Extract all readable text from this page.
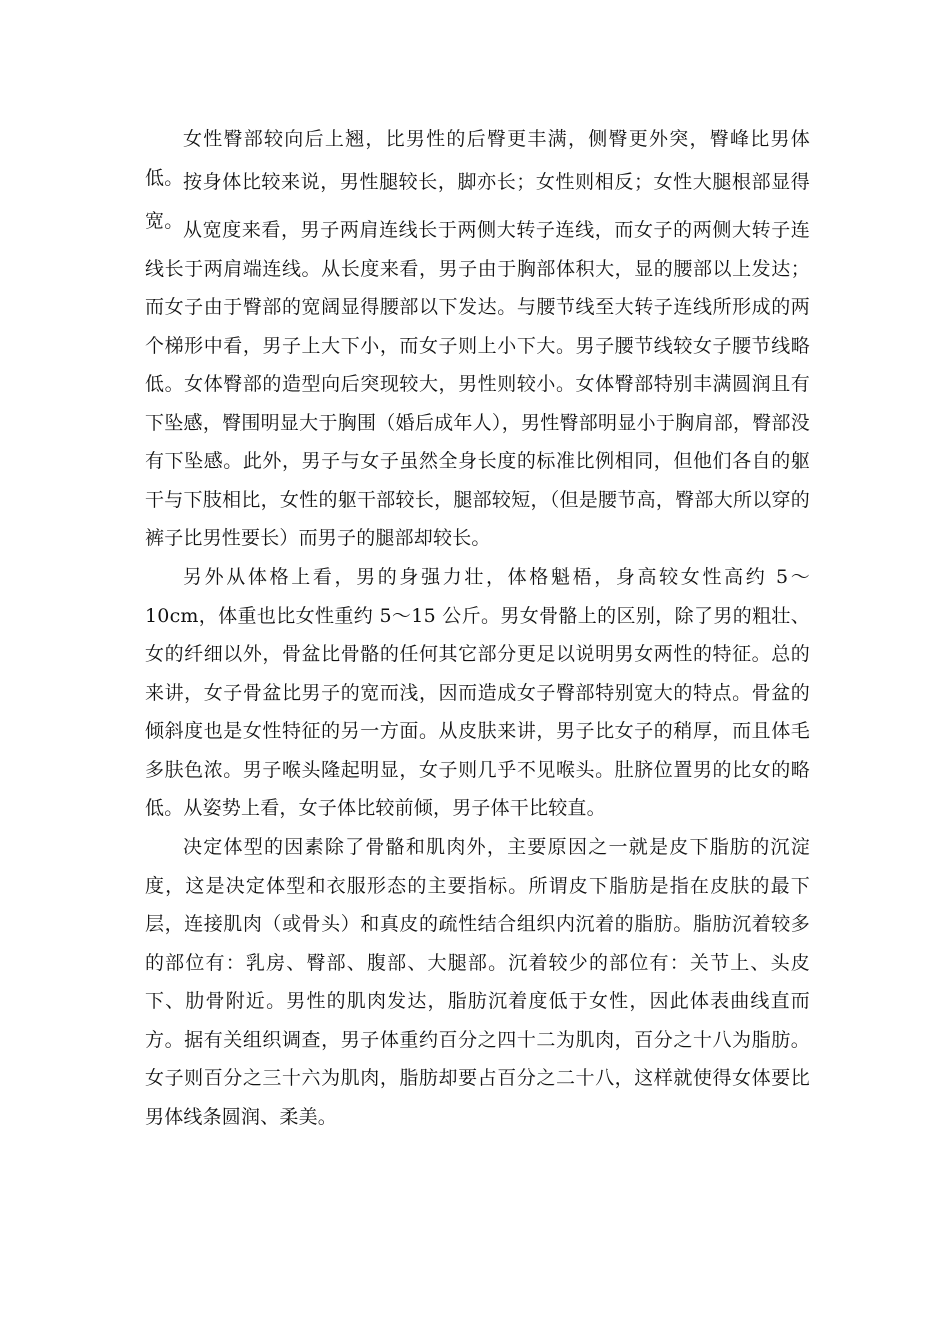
女性臀部较向后上翘，比男性的后臀更丰满，侧臀更外突，臀峰比男体低。 按身体比较来说，男性腿较长，脚亦长；女性则相反；女性大腿根部显得宽。 从宽度来看，男子两肩连线长于两侧大转子连线，而女子的两侧大转子连线长于两肩端连线。从长度来看，男子由于胸部体积大，显的腰部以上发达；而女子由于臀部的宽阔显得腰部以下发达。与腰节线至大转子连线所形成的两个梯形中看，男子上大下小，而女子则上小下大。男子腰节线较女子腰节线略低。女体臀部的造型向后突现较大，男性则较小。女体臀部特别丰满圆润且有下坠感，臀围明显大于胸围（婚后成年人），男性臀部明显小于胸肩部，臀部没有下坠感。此外，男子与女子虽然全身长度的标准比例相同，但他们各自的躯干与下肢相比，女性的躯干部较长，腿部较短，（但是腰节高，臀部大所以穿的裤子比男性要长）而男子的腿部却较长。

另外从体格上看，男的身强力壮，体格魁梧，身高较女性高约 5～10cm，体重也比女性重约 5～15 公斤。男女骨骼上的区别，除了男的粗壮、女的纤细以外，骨盆比骨骼的任何其它部分更足以说明男女两性的特征。总的来讲，女子骨盆比男子的宽而浅，因而造成女子臀部特别宽大的特点。骨盆的倾斜度也是女性特征的另一方面。从皮肤来讲，男子比女子的稍厚，而且体毛多肤色浓。男子喉头隆起明显，女子则几乎不见喉头。肚脐位置男的比女的略低。从姿势上看，女子体比较前倾，男子体干比较直。

决定体型的因素除了骨骼和肌肉外，主要原因之一就是皮下脂肪的沉淀度，这是决定体型和衣服形态的主要指标。所谓皮下脂肪是指在皮肤的最下层，连接肌肉（或骨头）和真皮的疏性结合组织内沉着的脂肪。脂肪沉着较多的部位有：乳房、臀部、腹部、大腿部。沉着较少的部位有：关节上、头皮下、肋骨附近。男性的肌肉发达，脂肪沉着度低于女性，因此体表曲线直而方。据有关组织调查，男子体重约百分之四十二为肌肉，百分之十八为脂肪。女子则百分之三十六为肌肉，脂肪却要占百分之二十八，这样就使得女体要比男体线条圆润、柔美。
